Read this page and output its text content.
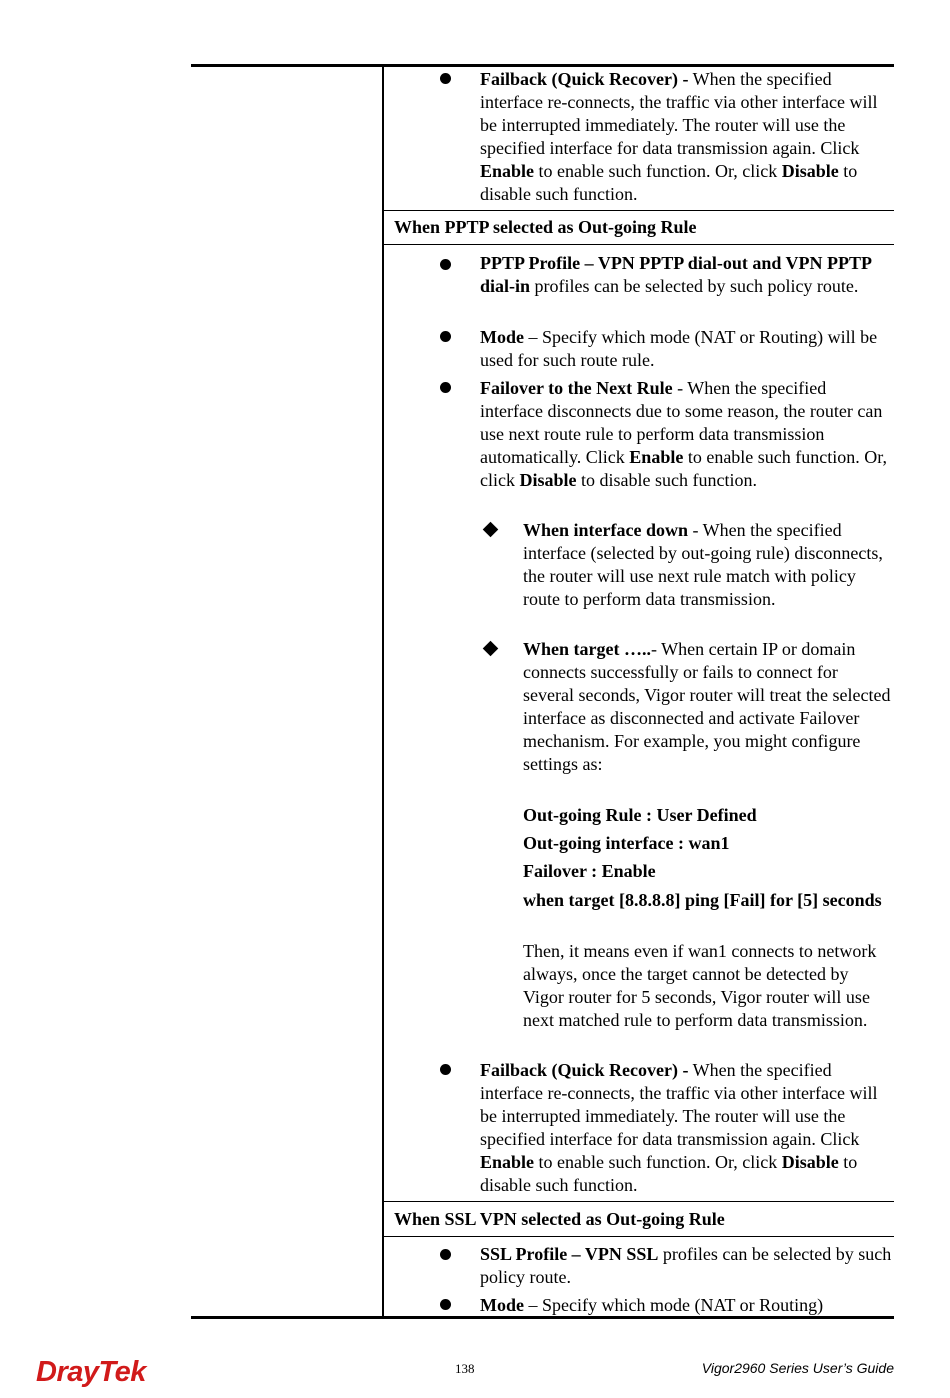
Failback (Quick Recover) - When the specified interface re-connects, the traffic via other interface will be interrupted immediately. The router will use the specified interface for data transmission again. Click Enable to enable such function. Or, click Disable to disable such function.
When PPTP selected as Out-going Rule
PPTP Profile – VPN PPTP dial-out and VPN PPTP dial-in profiles can be selected by such policy route.
Mode – Specify which mode (NAT or Routing) will be used for such route rule.
Failover to the Next Rule - When the specified interface disconnects due to some reason, the router can use next route rule to perform data transmission automatically. Click Enable to enable such function. Or, click Disable to disable such function.
When interface down - When the specified interface (selected by out-going rule) disconnects, the router will use next rule match with policy route to perform data transmission.
When target …..- When certain IP or domain connects successfully or fails to connect for several seconds, Vigor router will treat the selected interface as disconnected and activate Failover mechanism. For example, you might configure settings as:
Out-going Rule : User Defined
Out-going interface : wan1
Failover : Enable
when target [8.8.8.8] ping [Fail] for [5] seconds
Then, it means even if wan1 connects to network always, once the target cannot be detected by Vigor router for 5 seconds, Vigor router will use next matched rule to perform data transmission.
Failback (Quick Recover) - When the specified interface re-connects, the traffic via other interface will be interrupted immediately. The router will use the specified interface for data transmission again. Click Enable to enable such function. Or, click Disable to disable such function.
When SSL VPN selected as Out-going Rule
SSL Profile – VPN SSL profiles can be selected by such policy route.
Mode – Specify which mode (NAT or Routing)
DrayTek	138	Vigor2960 Series User’s Guide
